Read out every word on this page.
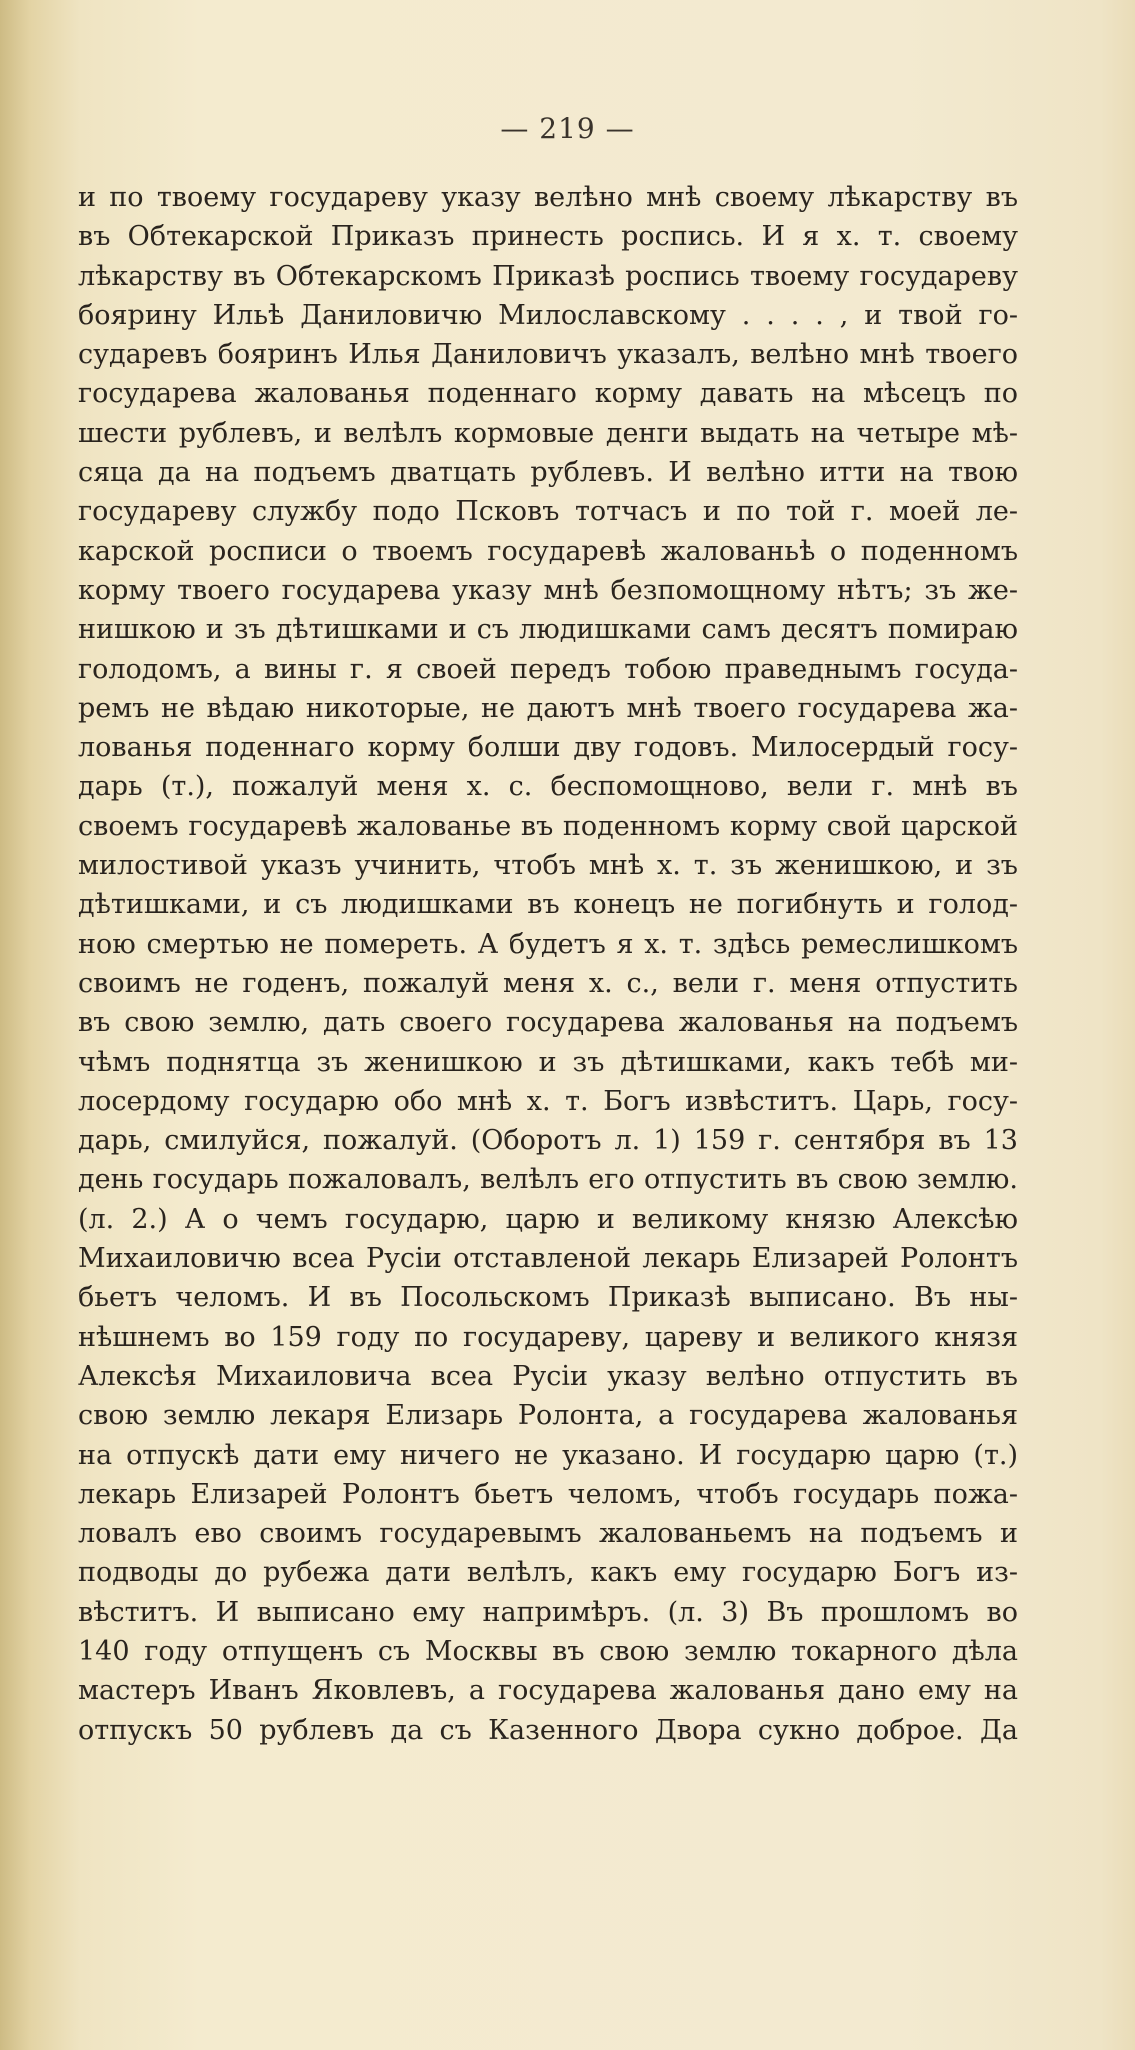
— 219 —
и по твоему государеву указу велѣно мнѣ своему лѣкарству въ
въ Обтекарской Приказъ принесть роспись. И я х. т. своему
лѣкарству въ Обтекарскомъ Приказѣ роспись твоему государеву
боярину Ильѣ Даниловичю Милославскому . . . . , и твой го-
сударевъ бояринъ Илья Даниловичъ указалъ, велѣно мнѣ твоего
государева жалованья поденнаго корму давать на мѣсецъ по
шести рублевъ, и велѣлъ кормовые денги выдать на четыре мѣ-
сяца да на подъемъ дватцать рублевъ. И велѣно итти на твою
государеву службу подо Псковъ тотчасъ и по той г. моей ле-
карской росписи о твоемъ государевѣ жалованьѣ о поденномъ
корму твоего государева указу мнѣ безпомощному нѣтъ; зъ же-
нишкою и зъ дѣтишками и съ людишками самъ десятъ помираю
голодомъ, а вины г. я своей передъ тобою праведнымъ госуда-
ремъ не вѣдаю никоторые, не даютъ мнѣ твоего государева жа-
лованья поденнаго корму болши дву годовъ. Милосердый госу-
дарь (т.), пожалуй меня х. с. беспомощново, вели г. мнѣ въ
своемъ государевѣ жалованье въ поденномъ корму свой царской
милостивой указъ учинить, чтобъ мнѣ х. т. зъ женишкою, и зъ
дѣтишками, и съ людишками въ конецъ не погибнуть и голод-
ною смертью не помереть. А будетъ я х. т. здѣсь ремеслишкомъ
своимъ не годенъ, пожалуй меня х. с., вели г. меня отпустить
въ свою землю, дать своего государева жалованья на подъемъ
чѣмъ поднятца зъ женишкою и зъ дѣтишками, какъ тебѣ ми-
лосердому государю обо мнѣ х. т. Богъ извѣститъ. Царь, госу-
дарь, смилуйся, пожалуй. (Оборотъ л. 1) 159 г. сентября въ 13
день государь пожаловалъ, велѣлъ его отпустить въ свою землю.
(л. 2.) А о чемъ государю, царю и великому князю Алексѣю
Михаиловичю всеа Русіи отставленой лекарь Елизарей Ролонтъ
бьетъ челомъ. И въ Посольскомъ Приказѣ выписано. Въ ны-
нѣшнемъ во 159 году по государеву, цареву и великого князя
Алексѣя Михаиловича всеа Русіи указу велѣно отпустить въ
свою землю лекаря Елизарь Ролонта, а государева жалованья
на отпускѣ дати ему ничего не указано. И государю царю (т.)
лекарь Елизарей Ролонтъ бьетъ челомъ, чтобъ государь пожа-
ловалъ ево своимъ государевымъ жалованьемъ на подъемъ и
подводы до рубежа дати велѣлъ, какъ ему государю Богъ из-
вѣститъ. И выписано ему напримѣръ. (л. 3) Въ прошломъ во
140 году отпущенъ съ Москвы въ свою землю токарного дѣла
мастеръ Иванъ Яковлевъ, а государева жалованья дано ему на
отпускъ 50 рублевъ да съ Казенного Двора сукно доброе. Да
